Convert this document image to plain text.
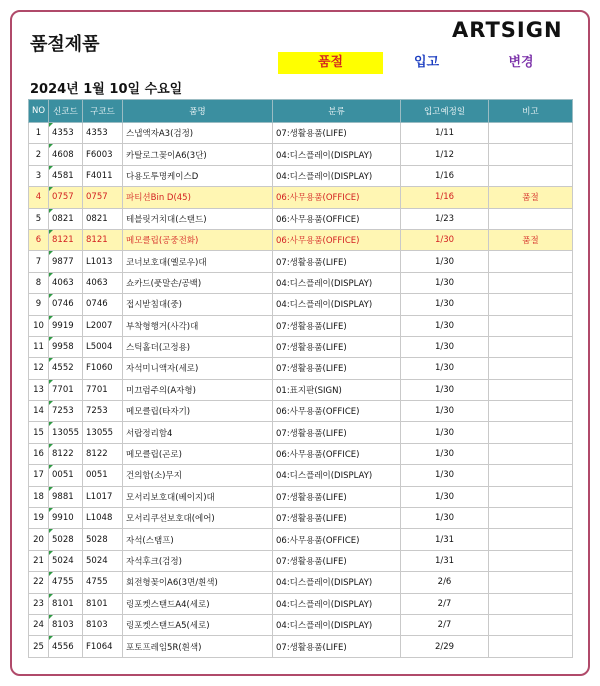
품절제품
ARTSIGN
품절	입고	변경
2024년 1월 10일 수요일
NO	신코드	구코드	품명	분류	입고예정일	비고
1	4353	4353	스냅액자A3(검정)	07:생활용품(LIFE)	1/11	
2	4608	F6003	카탈로그꽂이A6(3단)	04:디스플레이(DISPLAY)	1/12	
3	4581	F4011	다용도투명케이스D	04:디스플레이(DISPLAY)	1/16	
4	0757	0757	파티션Bin D(45)	06:사무용품(OFFICE)	1/16	품절
5	0821	0821	테블릿거치대(스탠드)	06:사무용품(OFFICE)	1/23	
6	8121	8121	메모클립(공중전화)	06:사무용품(OFFICE)	1/30	품절
7	9877	L1013	코너보호대(옐로우)대	07:생활용품(LIFE)	1/30	
8	4063	4063	쇼카드(풋말손/공백)	04:디스플레이(DISPLAY)	1/30	
9	0746	0746	접시받침대(중)	04:디스플레이(DISPLAY)	1/30	
10	9919	L2007	부착형행거(사각)대	07:생활용품(LIFE)	1/30	
11	9958	L5004	스틱홀더(고정용)	07:생활용품(LIFE)	1/30	
12	4552	F1060	자석미니액자(세로)	07:생활용품(LIFE)	1/30	
13	7701	7701	미끄럼주의(A자형)	01:표지판(SIGN)	1/30	
14	7253	7253	메모클립(타자기)	06:사무용품(OFFICE)	1/30	
15	13055	13055	서랍정리함4	07:생활용품(LIFE)	1/30	
16	8122	8122	메모클립(곤로)	06:사무용품(OFFICE)	1/30	
17	0051	0051	건의함(소)무지	04:디스플레이(DISPLAY)	1/30	
18	9881	L1017	모서리보호대(베이지)대	07:생활용품(LIFE)	1/30	
19	9910	L1048	모서리쿠션보호대(에어)	07:생활용품(LIFE)	1/30	
20	5028	5028	자석(스탬프)	06:사무용품(OFFICE)	1/31	
21	5024	5024	자석후크(검정)	07:생활용품(LIFE)	1/31	
22	4755	4755	회전형꽂이A6(3면/흰색)	04:디스플레이(DISPLAY)	2/6	
23	8101	8101	링포켓스탠드A4(세로)	04:디스플레이(DISPLAY)	2/7	
24	8103	8103	링포켓스탠드A5(세로)	04:디스플레이(DISPLAY)	2/7	
25	4556	F1064	포토프레임5R(흰색)	07:생활용품(LIFE)	2/29	
